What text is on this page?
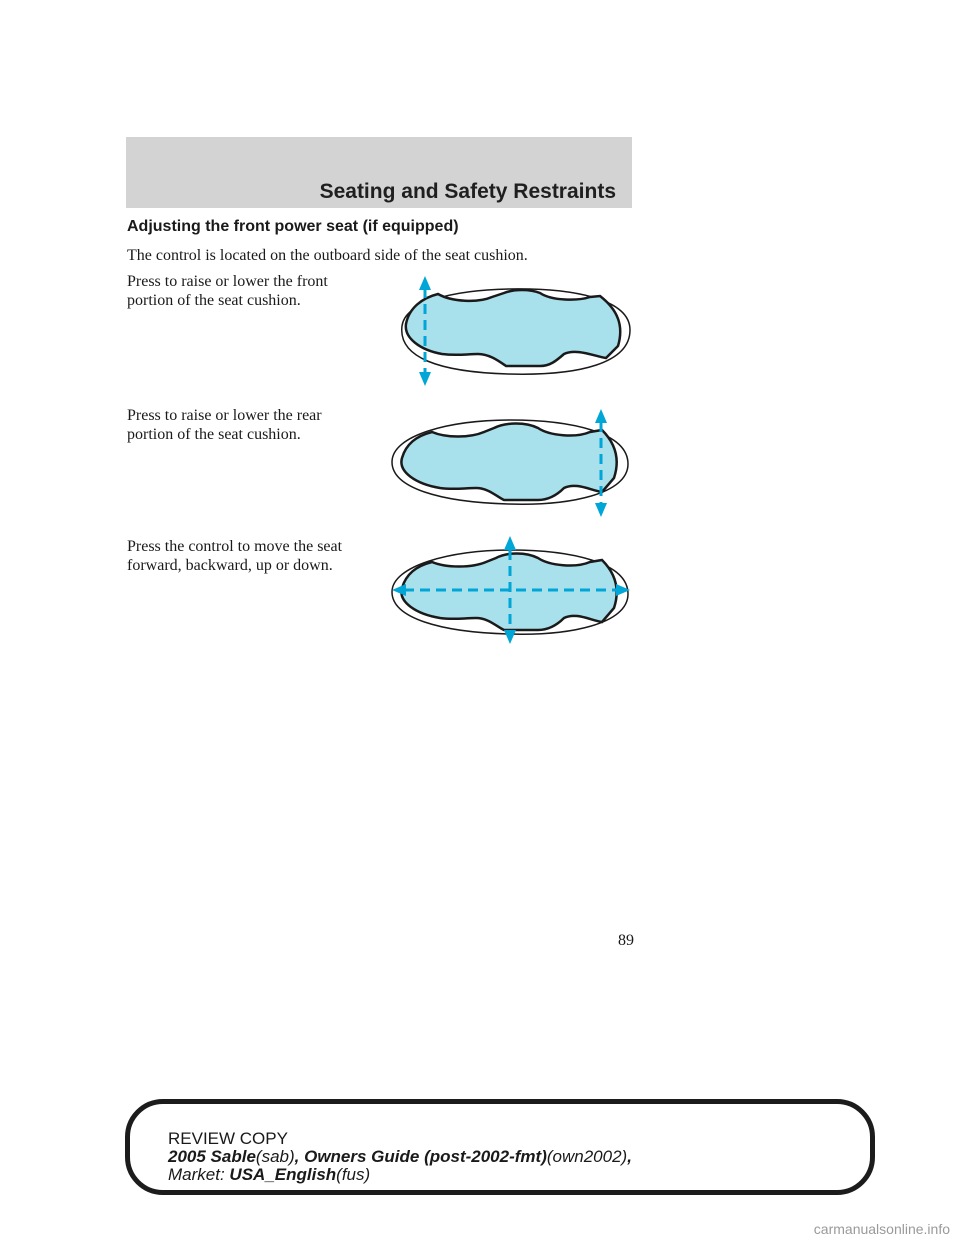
Seating and Safety Restraints
Adjusting the front power seat (if equipped)
The control is located on the outboard side of the seat cushion.
Press to raise or lower the front
portion of the seat cushion.
Press to raise or lower the rear
portion of the seat cushion.
Press the control to move the seat
forward, backward, up or down.
89
REVIEW COPY
2005 Sable(sab), Owners Guide (post-2002-fmt)(own2002),
Market: USA_English(fus)
carmanualsonline.info
